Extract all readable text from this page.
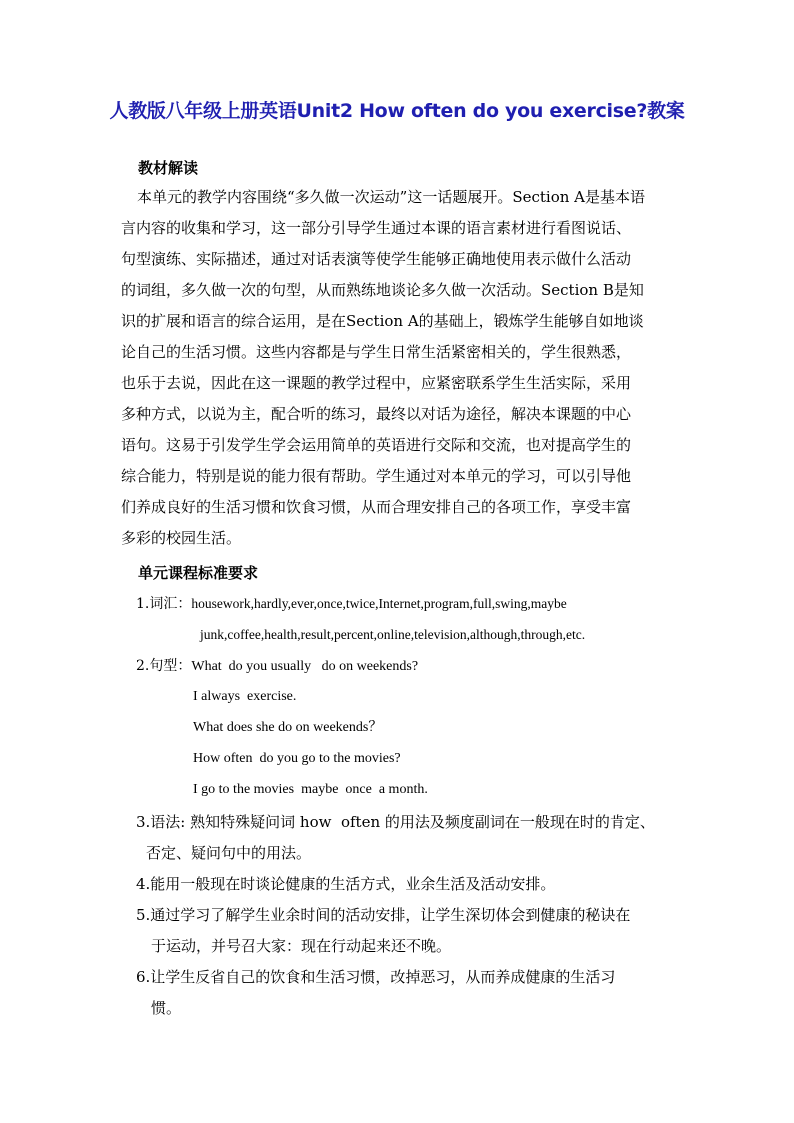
人教版八年级上册英语Unit2 How often do you exercise?教案
教材解读
本单元的教学内容围绕“多久做一次运动”这一话题展开。Section A是基本语
言内容的收集和学习，这一部分引导学生通过本课的语言素材进行看图说话、
句型演练、实际描述，通过对话表演等使学生能够正确地使用表示做什么活动
的词组，多久做一次的句型，从而熟练地谈论多久做一次活动。Section B是知
识的扩展和语言的综合运用，是在Section A的基础上，锻炼学生能够自如地谈
论自己的生活习惯。这些内容都是与学生日常生活紧密相关的，学生很熟悉，
也乐于去说，因此在这一课题的教学过程中，应紧密联系学生生活实际，采用
多种方式，以说为主，配合听的练习，最终以对话为途径，解决本课题的中心
语句。这易于引发学生学会运用简单的英语进行交际和交流，也对提高学生的
综合能力，特别是说的能力很有帮助。学生通过对本单元的学习，可以引导他
们养成良好的生活习惯和饮食习惯，从而合理安排自己的各项工作，享受丰富
多彩的校园生活。
单元课程标准要求
1.词汇：housework,hardly,ever,once,twice,Internet,program,full,swing,maybe
junk,coffee,health,result,percent,online,television,although,through,etc.
2.句型：What  do you usually   do on weekends?
I always  exercise.
What does she do on weekends？
How often  do you go to the movies?
I go to the movies  maybe  once  a month.
3.语法: 熟知特殊疑问词 how  often 的用法及频度副词在一般现在时的肯定、
否定、疑问句中的用法。
4.能用一般现在时谈论健康的生活方式，业余生活及活动安排。
5.通过学习了解学生业余时间的活动安排，让学生深切体会到健康的秘诀在
于运动，并号召大家：现在行动起来还不晚。
6.让学生反省自己的饮食和生活习惯，改掉恶习，从而养成健康的生活习
惯。
